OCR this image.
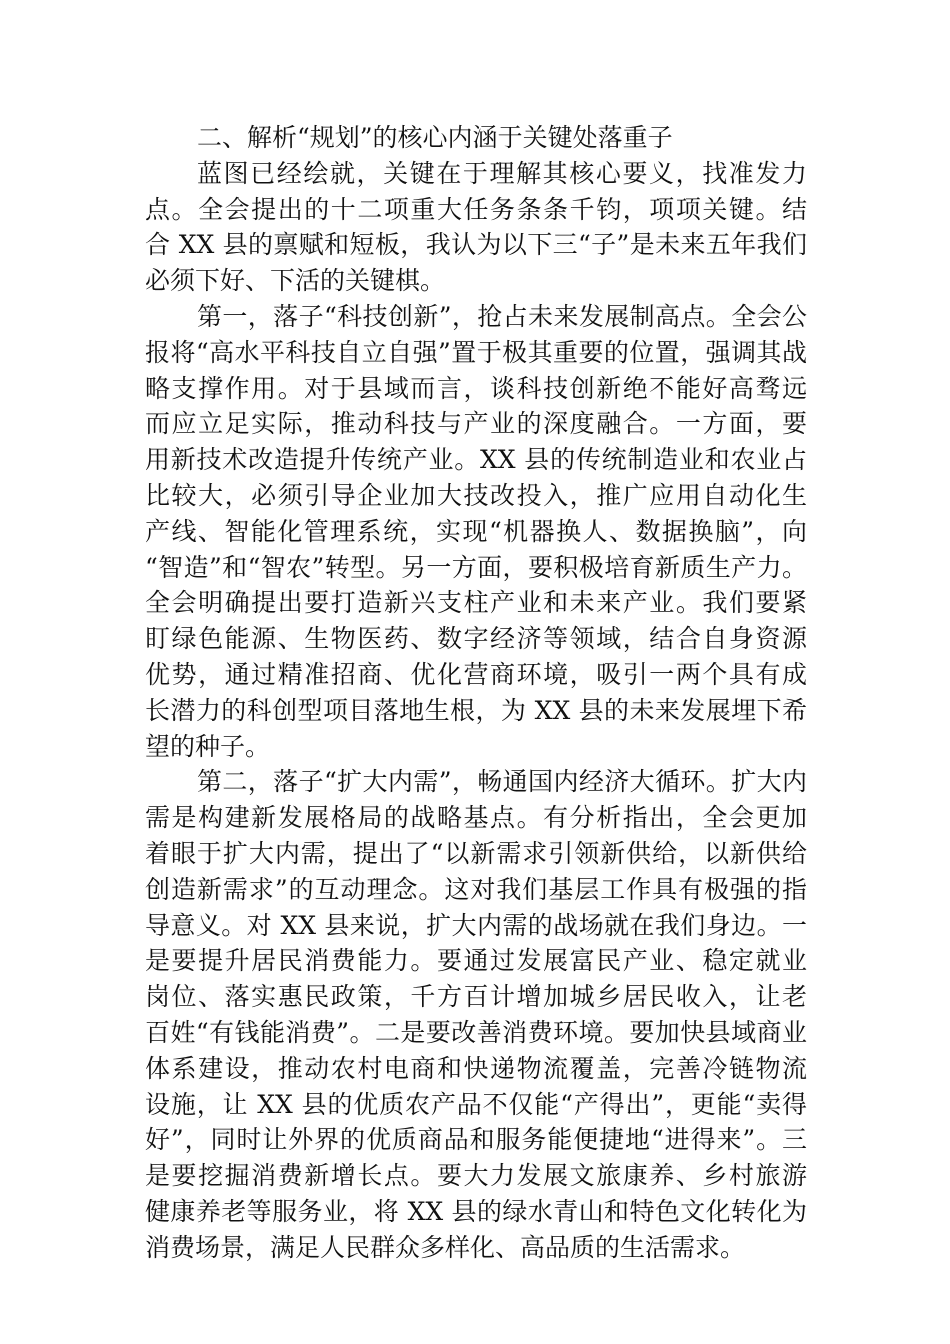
二、解析“规划”的核心内涵于关键处落重子
蓝图已经绘就，关键在于理解其核心要义，找准发力
点。全会提出的十二项重大任务条条千钧，项项关键。结
合 XX 县的禀赋和短板，我认为以下三“子”是未来五年我们
必须下好、下活的关键棋。
第一，落子“科技创新”，抢占未来发展制高点。全会公
报将“高水平科技自立自强”置于极其重要的位置，强调其战
略支撑作用。对于县域而言，谈科技创新绝不能好高骛远
而应立足实际，推动科技与产业的深度融合。一方面，要
用新技术改造提升传统产业。XX 县的传统制造业和农业占
比较大，必须引导企业加大技改投入，推广应用自动化生
产线、智能化管理系统，实现“机器换人、数据换脑”，向
“智造”和“智农”转型。另一方面，要积极培育新质生产力。
全会明确提出要打造新兴支柱产业和未来产业。我们要紧
盯绿色能源、生物医药、数字经济等领域，结合自身资源
优势，通过精准招商、优化营商环境，吸引一两个具有成
长潜力的科创型项目落地生根，为 XX 县的未来发展埋下希
望的种子。
第二，落子“扩大内需”，畅通国内经济大循环。扩大内
需是构建新发展格局的战略基点。有分析指出，全会更加
着眼于扩大内需，提出了“以新需求引领新供给，以新供给
创造新需求”的互动理念。这对我们基层工作具有极强的指
导意义。对 XX 县来说，扩大内需的战场就在我们身边。一
是要提升居民消费能力。要通过发展富民产业、稳定就业
岗位、落实惠民政策，千方百计增加城乡居民收入，让老
百姓“有钱能消费”。二是要改善消费环境。要加快县域商业
体系建设，推动农村电商和快递物流覆盖，完善冷链物流
设施，让 XX 县的优质农产品不仅能“产得出”，更能“卖得
好”，同时让外界的优质商品和服务能便捷地“进得来”。三
是要挖掘消费新增长点。要大力发展文旅康养、乡村旅游
健康养老等服务业，将 XX 县的绿水青山和特色文化转化为
消费场景，满足人民群众多样化、高品质的生活需求。
